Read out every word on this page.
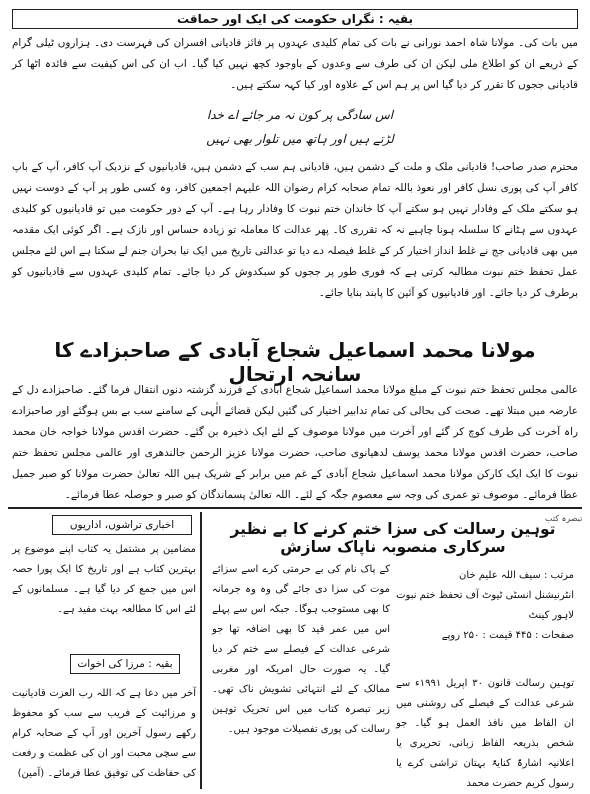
بقیہ : نگراں حکومت کی ایک اور حماقت

میں بات کی۔ مولانا شاہ احمد نورانی نے بات کی تمام کلیدی عہدوں پر فائز قادیانی افسران کی فہرست دی۔ ہزاروں ٹیلی گرام کے ذریعے ان کو اطلاع ملی لیکن ان کی طرف سے وعدوں کے باوجود کچھ نہیں کیا گیا۔ اب ان کی اس کیفیت سے فائدہ اٹھا کر قادیانی ججوں کا تقرر کر دیا گیا اس پر ہم اس کے علاوہ اور کیا کہہ سکتے ہیں۔

اس سادگی پر کون نہ مر جائے اے خدا
لڑتے ہیں اور ہاتھ میں تلوار بھی نہیں

محترم صدر صاحب! قادیانی ملک و ملت کے دشمن ہیں، قادیانی ہم سب کے دشمن ہیں، قادیانیوں کے نزدیک آپ کافر، آپ کے باپ کافر آپ کی پوری نسل کافر اور نعوذ باللہ تمام صحابہ کرام رضوان اللہ علیہم اجمعین کافر، وہ کسی طور پر آپ کے دوست نہیں ہو سکتے ملک کے وفادار نہیں ہو سکتے آپ کا خاندان ختم نبوت کا وفادار رہا ہے۔ آپ کے دور حکومت میں تو قادیانیوں کو کلیدی عہدوں سے ہٹانے کا سلسلہ ہونا چاہیے نہ کہ تقرری کا۔ پھر عدالت کا معاملہ تو زیادہ حساس اور نازک ہے۔ اگر کوئی ایک مقدمہ میں بھی قادیانی جج نے غلط انداز اختیار کر کے غلط فیصلہ دے دیا تو عدالتی تاریخ میں ایک نیا بحران جنم لے سکتا ہے اس لئے مجلس عمل تحفظ ختم نبوت مطالبہ کرتی ہے کہ فوری طور پر ججوں کو سبکدوش کر دیا جائے۔ تمام کلیدی عہدوں سے قادیانیوں کو برطرف کر دیا جائے۔ اور قادیانیوں کو آئین کا پابند بنایا جائے۔

مولانا محمد اسماعیل شجاع آبادی کے صاحبزادے کا سانحہ ارتحال

عالمی مجلس تحفظ ختم نبوت کے مبلغ مولانا محمد اسماعیل شجاع آبادی کے فرزند گزشتہ دنوں انتقال فرما گئے۔ صاحبزادے دل کے عارضہ میں مبتلا تھے۔ صحت کی بحالی کی تمام تدابیر اختیار کی گئیں لیکن قضائے الٰہی کے سامنے سب بے بس ہوگئے اور صاحبزادے راہ آخرت کی طرف کوچ کر گئے اور آخرت میں مولانا موصوف کے لئے ایک ذخیرہ بن گئے۔ حضرت اقدس مولانا خواجہ خان محمد صاحب، حضرت اقدس مولانا محمد یوسف لدھیانوی صاحب، حضرت مولانا عزیز الرحمن جالندھری اور عالمی مجلس تحفظ ختم نبوت کا ایک ایک کارکن مولانا محمد اسماعیل شجاع آبادی کے غم میں برابر کے شریک ہیں اللہ تعالیٰ حضرت مولانا کو صبر جمیل عطا فرمائے۔ موصوف تو عمری کی وجہ سے معصوم جگہ کے لئے۔ اللہ تعالیٰ پسماندگان کو صبر و حوصلہ عطا فرمائے۔

تبصرہ کتب
توہین رسالت کی سزا ختم کرنے کا بے نظیر سرکاری منصوبہ ناپاک سازش
مرتب : سیف اللہ علیم خان
انٹرنیشنل انسٹی ٹیوٹ آف تحفظ ختم نبوت
لاہور کینٹ
صفحات : ۴۴۵ قیمت : ۲۵۰ روپے

توہین رسالت قانون ۳۰ اپریل ۱۹۹۱ء سے شرعی عدالت کے فیصلے کی روشنی میں ان الفاظ میں نافذ العمل ہو گیا۔ جو شخص بذریعہ الفاظ زبانی، تحریری یا اعلانیہ اشارۃً کنایۃً بہتان تراشی کرے یا رسول کریم حضرت محمد

کے پاک نام کی بے حرمتی کرے اسے سزائے موت کی سزا دی جائے گی وہ وہ جرمانہ کا بھی مستوجب ہوگا۔ جبکہ اس سے پہلے اس میں عمر قید کا بھی اضافہ تھا جو شرعی عدالت کے فیصلے سے ختم کر دیا گیا۔ یہ صورت حال امریکہ اور مغربی ممالک کے لئے انتہائی تشویش ناک تھی۔ زیر تبصرہ کتاب میں اس تحریک توہین رسالت کی پوری تفصیلات موجود ہیں۔

اخباری تراشوں، اداریوں

مضامین پر مشتمل یہ کتاب اپنے موضوع پر بہترین کتاب ہے اور تاریخ کا ایک پورا حصہ اس میں جمع کر دیا گیا ہے۔ مسلمانوں کے لئے اس کا مطالعہ بہت مفید ہے۔

بقیہ : مرزا کی اخوات

آخر میں دعا ہے کہ اللہ رب العزت قادیانیت و مرزائیت کے فریب سے سب کو محفوظ رکھے رسول آخرین اور آپ کے صحابہ کرام سے سچی محبت اور ان کی عظمت و رفعت کی حفاظت کی توفیق عطا فرمائے۔ (آمین)
